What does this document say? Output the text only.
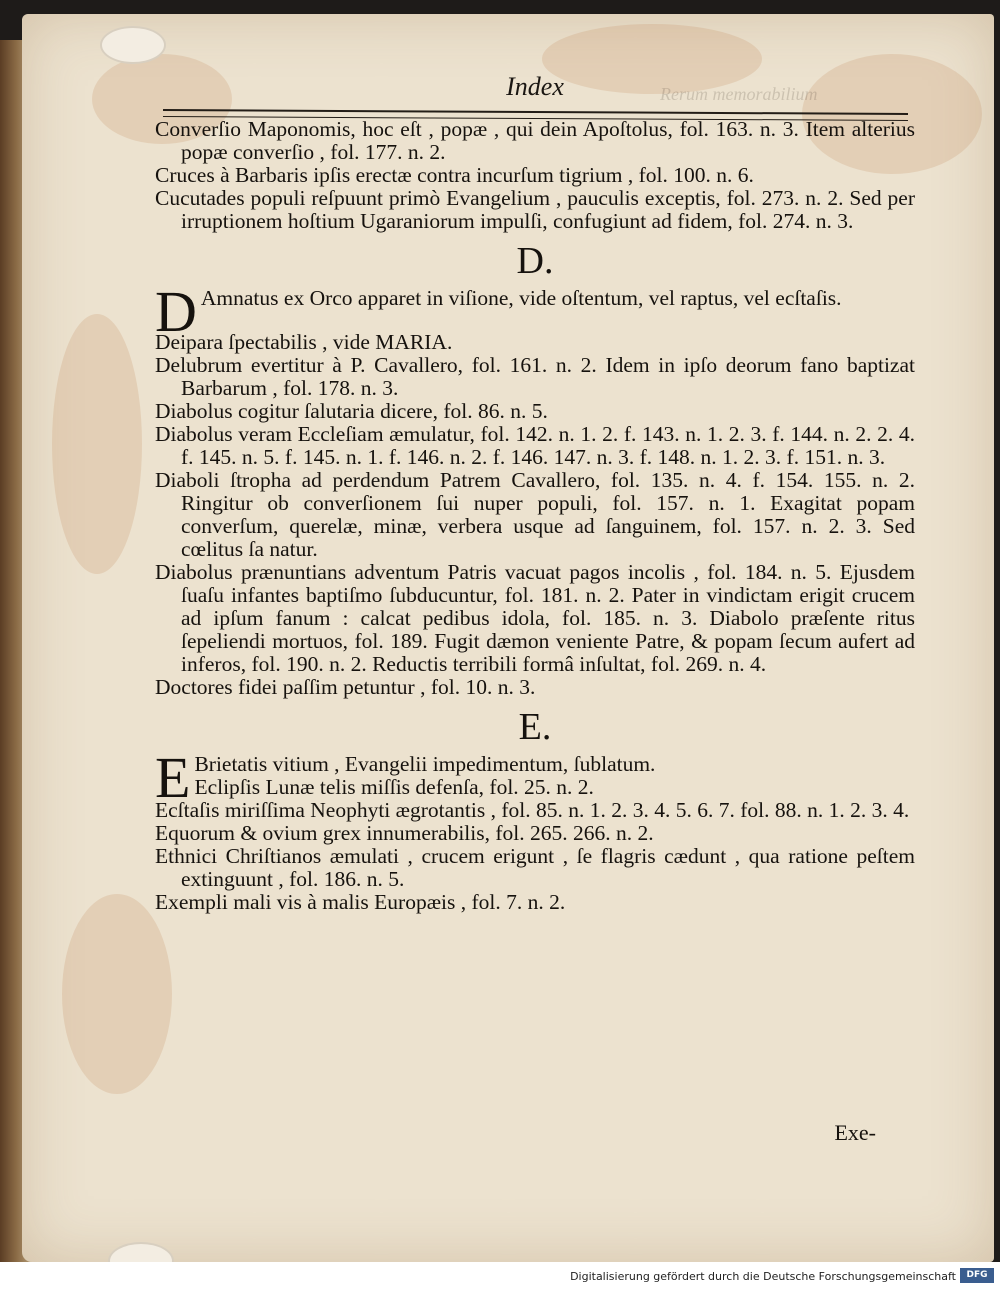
Rerum memorabilium
Index

Converſio Maponomis, hoc eſt , popæ , qui dein Apoſtolus, fol. 163. n. 3. Item alterius popæ converſio , fol. 177. n. 2.

Cruces à Barbaris ipſis erectæ contra incurſum tigrium , fol. 100. n. 6.

Cucutades populi reſpuunt primò Evangelium , pauculis exceptis, fol. 273. n. 2. Sed per irruptionem hoſtium Ugaraniorum impulſi, confugiunt ad fidem, fol. 274. n. 3.

D.

D Amnatus ex Orco apparet in viſione, vide oſtentum, vel raptus, vel ecſtaſis.

Deipara ſpectabilis , vide MARIA.

Delubrum evertitur à P. Cavallero, fol. 161. n. 2. Idem in ipſo deorum fano baptizat Barbarum , fol. 178. n. 3.

Diabolus cogitur ſalutaria dicere, fol. 86. n. 5.

Diabolus veram Eccleſiam æmulatur, fol. 142. n. 1. 2. f. 143. n. 1. 2. 3. f. 144. n. 2. 2. 4. f. 145. n. 5. f. 145. n. 1. f. 146. n. 2. f. 146. 147. n. 3. f. 148. n. 1. 2. 3. f. 151. n. 3.

Diaboli ſtropha ad perdendum Patrem Cavallero, fol. 135. n. 4. f. 154. 155. n. 2. Ringitur ob converſionem ſui nuper populi, fol. 157. n. 1. Exagitat popam converſum, querelæ, minæ, verbera usque ad ſanguinem, fol. 157. n. 2. 3. Sed cœlitus ſa natur.

Diabolus prænuntians adventum Patris vacuat pagos incolis , fol. 184. n. 5. Ejusdem ſuaſu infantes baptiſmo ſubducuntur, fol. 181. n. 2. Pater in vindictam erigit crucem ad ipſum fanum : calcat pedibus idola, fol. 185. n. 3. Diabolo præſente ritus ſepeliendi mortuos, fol. 189. Fugit dæmon veniente Patre, & popam ſecum aufert ad inferos, fol. 190. n. 2. Reductis terribili formâ inſultat, fol. 269. n. 4.

Doctores fidei paſſim petuntur , fol. 10. n. 3.

E.

E Brietatis vitium , Evangelii impedimentum, ſublatum.
Eclipſis Lunæ telis miſſis defenſa, fol. 25. n. 2.

Ecſtaſis miriſſima Neophyti ægrotantis , fol. 85. n. 1. 2. 3. 4. 5. 6. 7. fol. 88. n. 1. 2. 3. 4.

Equorum & ovium grex innumerabilis, fol. 265. 266. n. 2.

Ethnici Chriſtianos æmulati , crucem erigunt , ſe flagris cædunt , qua ratione peſtem extinguunt , fol. 186. n. 5.

Exempli mali vis à malis Europæis , fol. 7. n. 2.

Exe-
Digitalisierung gefördert durch die Deutsche Forschungsgemeinschaft	DFG
